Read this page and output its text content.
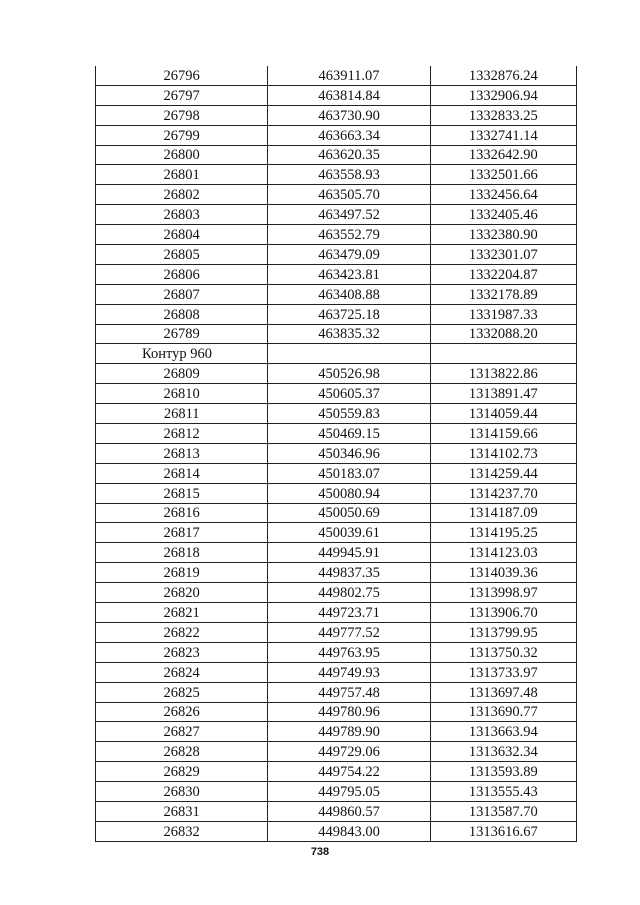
26796	463911.07	1332876.24
26797	463814.84	1332906.94
26798	463730.90	1332833.25
26799	463663.34	1332741.14
26800	463620.35	1332642.90
26801	463558.93	1332501.66
26802	463505.70	1332456.64
26803	463497.52	1332405.46
26804	463552.79	1332380.90
26805	463479.09	1332301.07
26806	463423.81	1332204.87
26807	463408.88	1332178.89
26808	463725.18	1331987.33
26789	463835.32	1332088.20
Контур 960		
26809	450526.98	1313822.86
26810	450605.37	1313891.47
26811	450559.83	1314059.44
26812	450469.15	1314159.66
26813	450346.96	1314102.73
26814	450183.07	1314259.44
26815	450080.94	1314237.70
26816	450050.69	1314187.09
26817	450039.61	1314195.25
26818	449945.91	1314123.03
26819	449837.35	1314039.36
26820	449802.75	1313998.97
26821	449723.71	1313906.70
26822	449777.52	1313799.95
26823	449763.95	1313750.32
26824	449749.93	1313733.97
26825	449757.48	1313697.48
26826	449780.96	1313690.77
26827	449789.90	1313663.94
26828	449729.06	1313632.34
26829	449754.22	1313593.89
26830	449795.05	1313555.43
26831	449860.57	1313587.70
26832	449843.00	1313616.67
738
